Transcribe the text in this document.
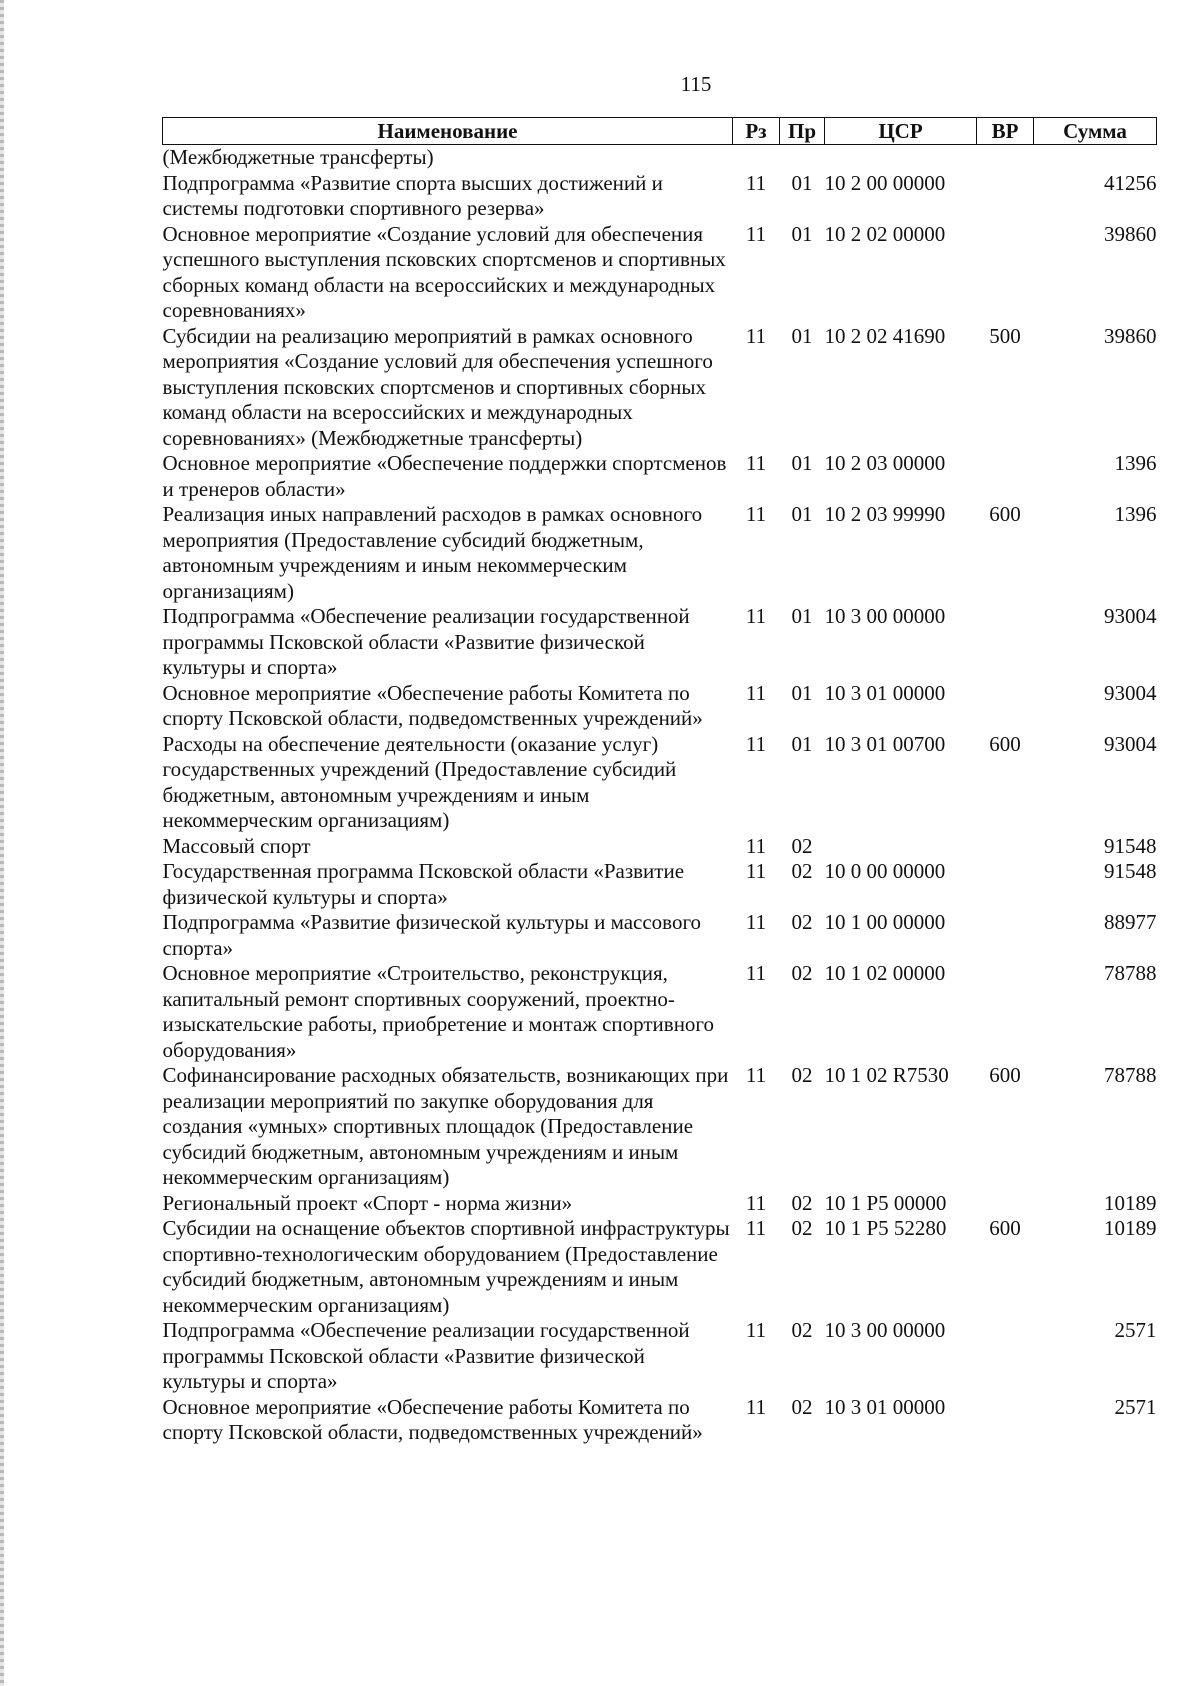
115
Наименование	Рз	Пр	ЦСР	ВР	Сумма
(Межбюджетные трансферты)					
Подпрограмма «Развитие спорта высших достижений и системы подготовки спортивного резерва»	11	01	10 2 00 00000		41256
Основное мероприятие «Создание условий для обеспечения успешного выступления псковских спортсменов и спортивных сборных команд области на всероссийских и международных соревнованиях»	11	01	10 2 02 00000		39860
Субсидии на реализацию мероприятий в рамках основного мероприятия «Создание условий для обеспечения успешного выступления псковских спортсменов и спортивных сборных команд области на всероссийских и международных соревнованиях» (Межбюджетные трансферты)	11	01	10 2 02 41690	500	39860
Основное мероприятие «Обеспечение поддержки спортсменов и тренеров области»	11	01	10 2 03 00000		1396
Реализация иных направлений расходов в рамках основного мероприятия (Предоставление субсидий бюджетным, автономным учреждениям и иным некоммерческим организациям)	11	01	10 2 03 99990	600	1396
Подпрограмма «Обеспечение реализации государственной программы Псковской области «Развитие физической культуры и спорта»	11	01	10 3 00 00000		93004
Основное мероприятие «Обеспечение работы Комитета по спорту Псковской области, подведомственных учреждений»	11	01	10 3 01 00000		93004
Расходы на обеспечение деятельности (оказание услуг) государственных учреждений (Предоставление субсидий бюджетным, автономным учреждениям и иным некоммерческим организациям)	11	01	10 3 01 00700	600	93004
Массовый спорт	11	02			91548
Государственная программа Псковской области «Развитие физической культуры и спорта»	11	02	10 0 00 00000		91548
Подпрограмма «Развитие физической культуры и массового спорта»	11	02	10 1 00 00000		88977
Основное мероприятие «Строительство, реконструкция, капитальный ремонт спортивных сооружений, проектно-изыскательские работы, приобретение и монтаж спортивного оборудования»	11	02	10 1 02 00000		78788
Софинансирование расходных обязательств, возникающих при реализации мероприятий по закупке оборудования для создания «умных» спортивных площадок (Предоставление субсидий бюджетным, автономным учреждениям и иным некоммерческим организациям)	11	02	10 1 02 R7530	600	78788
Региональный проект «Спорт - норма жизни»	11	02	10 1 P5 00000		10189
Субсидии на оснащение объектов спортивной инфраструктуры спортивно-технологическим оборудованием (Предоставление субсидий бюджетным, автономным учреждениям и иным некоммерческим организациям)	11	02	10 1 P5 52280	600	10189
Подпрограмма «Обеспечение реализации государственной программы Псковской области «Развитие физической культуры и спорта»	11	02	10 3 00 00000		2571
Основное мероприятие «Обеспечение работы Комитета по спорту Псковской области, подведомственных учреждений»	11	02	10 3 01 00000		2571
